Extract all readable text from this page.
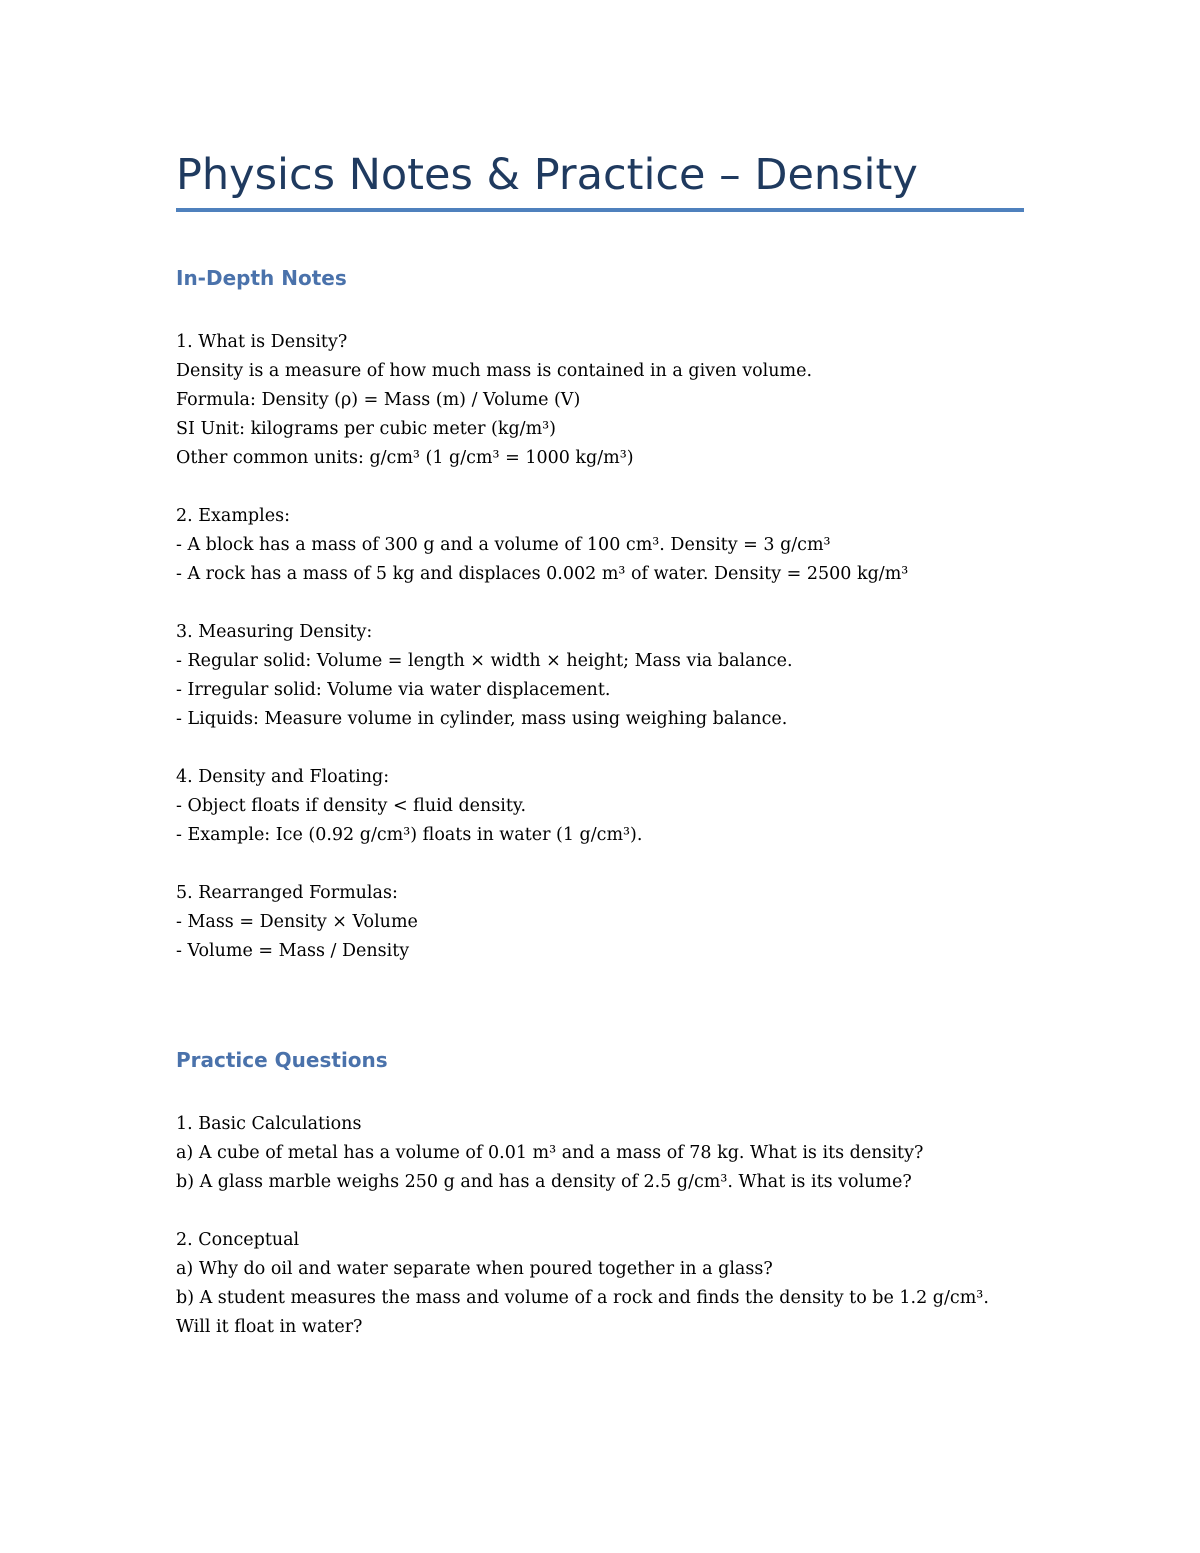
Physics Notes & Practice – Density
In-Depth Notes
1. What is Density?
Density is a measure of how much mass is contained in a given volume.
Formula: Density (ρ) = Mass (m) / Volume (V)
SI Unit: kilograms per cubic meter (kg/m³)
Other common units: g/cm³ (1 g/cm³ = 1000 kg/m³)
2. Examples:
- A block has a mass of 300 g and a volume of 100 cm³. Density = 3 g/cm³
- A rock has a mass of 5 kg and displaces 0.002 m³ of water. Density = 2500 kg/m³
3. Measuring Density:
- Regular solid: Volume = length × width × height; Mass via balance.
- Irregular solid: Volume via water displacement.
- Liquids: Measure volume in cylinder, mass using weighing balance.
4. Density and Floating:
- Object floats if density < fluid density.
- Example: Ice (0.92 g/cm³) floats in water (1 g/cm³).
5. Rearranged Formulas:
- Mass = Density × Volume
- Volume = Mass / Density
Practice Questions
1. Basic Calculations
a) A cube of metal has a volume of 0.01 m³ and a mass of 78 kg. What is its density?
b) A glass marble weighs 250 g and has a density of 2.5 g/cm³. What is its volume?
2. Conceptual
a) Why do oil and water separate when poured together in a glass?
b) A student measures the mass and volume of a rock and finds the density to be 1.2 g/cm³.
Will it float in water?
